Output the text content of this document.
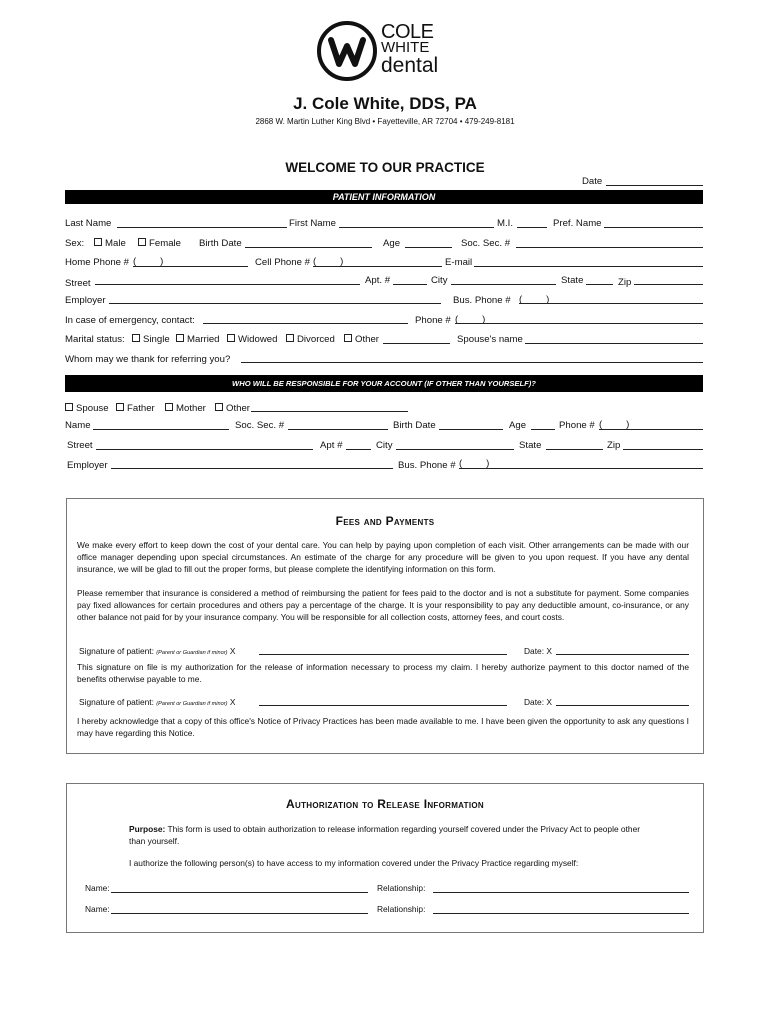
COLE
WHITE
dental
J. Cole White, DDS, PA
2868 W. Martin Luther King Blvd • Fayetteville, AR 72704 • 479-249-8181
WELCOME TO OUR PRACTICE
Date
PATIENT INFORMATION
Last Name	First Name	M.I.	Pref. Name
Sex:	Male	Female Birth Date	Age	Soc. Sec. #
Home Phone # (         )	Cell Phone # (         )	E-mail
Street	Apt. #	City	State	Zip
Employer	Bus. Phone # (         )
In case of emergency, contact:	Phone # (         )
Marital status:	Single	Married	Widowed	Divorced	Other	Spouse's name
Whom may we thank for referring you?
WHO WILL BE RESPONSIBLE FOR YOUR ACCOUNT (IF OTHER THAN YOURSELF)?
Spouse	Father	Mother	Other
Name	Soc. Sec. #	Birth Date	Age	Phone # (         )
Street	Apt #	City	State	Zip
Employer	Bus. Phone # (         )
Fees and Payments
We make every effort to keep down the cost of your dental care. You can help by paying upon completion of each visit. Other arrangements can be made with our office manager depending upon special circumstances. An estimate of the charge for any procedure will be given to you upon request. If you have any dental insurance, we will be glad to fill out the proper forms, but please complete the identifying information on this form.
Please remember that insurance is considered a method of reimbursing the patient for fees paid to the doctor and is not a substitute for payment. Some companies pay fixed allowances for certain procedures and others pay a percentage of the charge. It is your responsibility to pay any deductible amount, co-insurance, or any other balance not paid for by your insurance company. You will be responsible for all collection costs, attorney fees, and court costs.
Signature of patient: (Parent or Guardian if minor) X	Date: X
This signature on file is my authorization for the release of information necessary to process my claim. I hereby authorize payment to this doctor named of the benefits otherwise payable to me.
Signature of patient: (Parent or Guardian if minor) X	Date: X
I hereby acknowledge that a copy of this office's Notice of Privacy Practices has been made available to me. I have been given the opportunity to ask any questions I may have regarding this Notice.
Authorization to Release Information
Purpose: This form is used to obtain authorization to release information regarding yourself covered under the Privacy Act to people other than yourself.
I authorize the following person(s) to have access to my information covered under the Privacy Practice regarding myself:
Name:	Relationship:
Name:	Relationship:
